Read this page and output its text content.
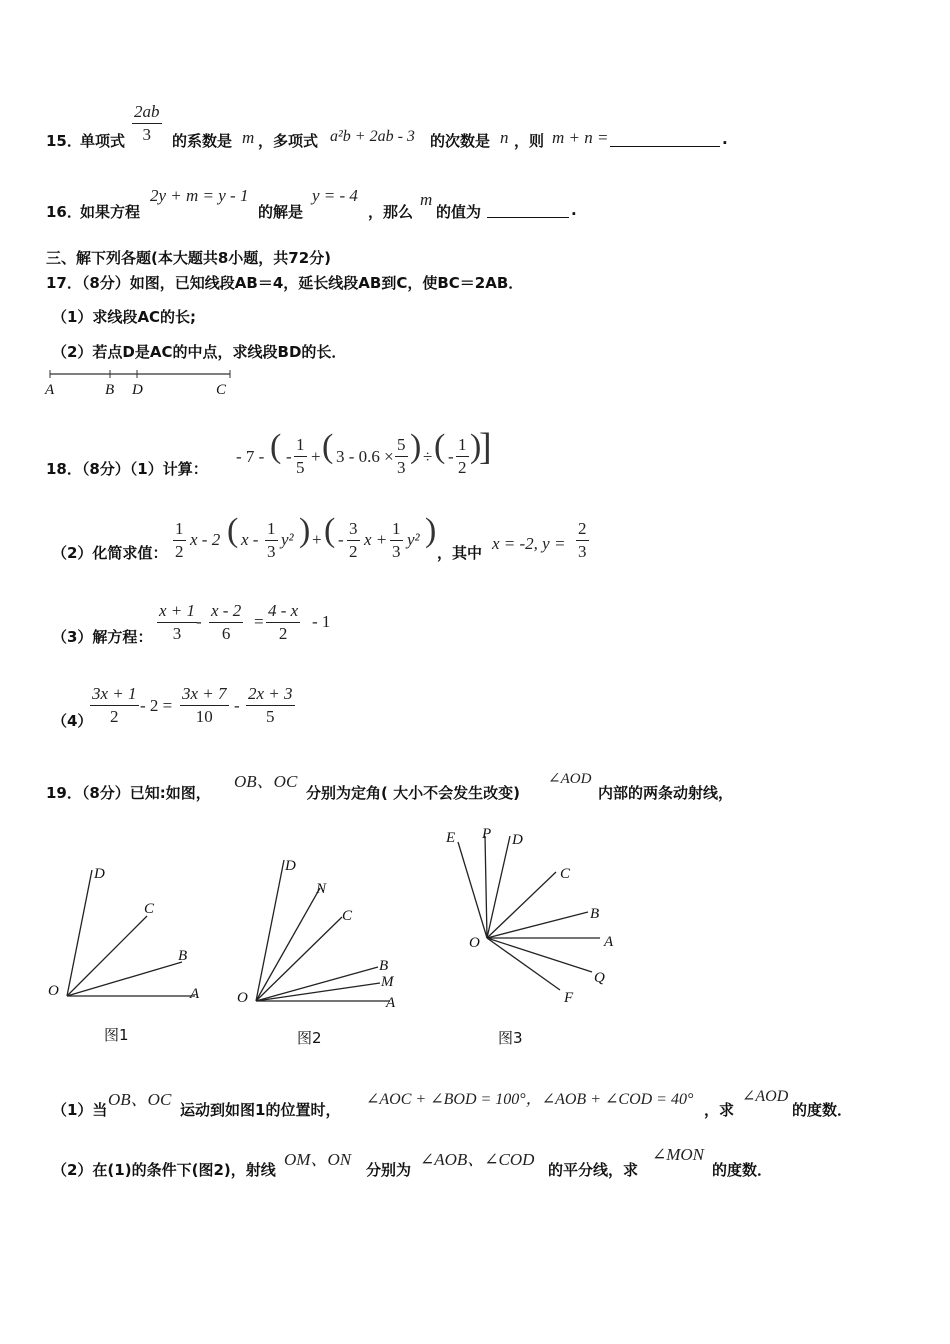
15．
单项式 $\frac{2ab}{3}$ 的系数是 m ，多项式 a²b + 2ab - 3 的次数是 n ，则 m + n =	.
16．
如果方程
2y + m = y - 1
的解是
y = - 4
，那么
m
的值为	.
三、解下列各题(本大题共8小题，共72分)
17．（8分）如图，已知线段AB＝4，延长线段AB到C，使BC＝2AB．
（1）求线段AC的长;
（2）若点D是AC的中点，求线段BD的长．
A	B D	C
18．（8分）（1）计算：
- 7 - ( - $\frac{1}{5}$ + ( $3 - 0.6 \times \frac{5}{3}$ ) ÷ ( - $\frac{1}{2}$ )
]
（2）化简求值： $\frac{1}{2}$ x - 2 ( x - $\frac{1}{3} y^2$ ) + ( - $\frac{3}{2}$ $x + \frac{1}{3} y^2$ )
，其中 x = -2, $y = \frac{2}{3}$
（3）解方程： $\frac{x + 1}{3}$
- $\frac{x - 2}{6} = \frac{4 - x}{2} - 1$
（4）
$\frac{3x + 1}{2} - 2 = \frac{3x + 7}{10} - \frac{2x + 3}{5}$
19．（8分）已知:如图，
OB、OC
分别为定角( 大小不会发生改变)
∠AOD
内部的两条动射线，
D
C
B
O	A
图1
D
N
C
B
M
O	A
图2
E P D
C
B
O	A
Q
F
图3
（1）当
OB、OC
运动到如图1的位置时，
∠AOC + ∠BOD = 100°，∠AOB + ∠COD = 40°
，求
∠AOD
的度数．
（2）在(1)的条件下(图2)，射线
OM、ON
分别为
∠AOB、∠COD
的平分线，求
∠MON
的度数．
